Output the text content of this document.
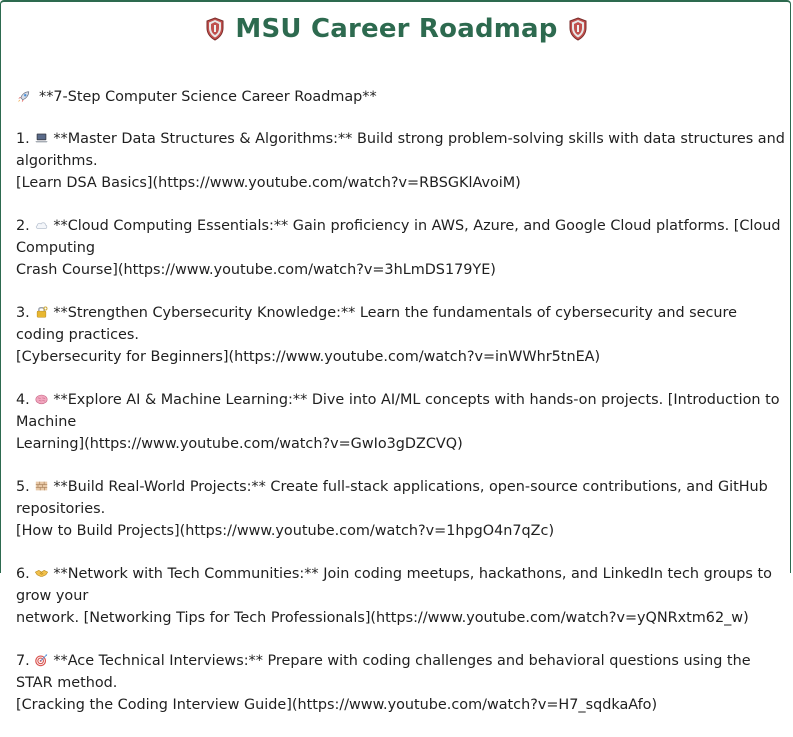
MSU Career Roadmap
**7-Step Computer Science Career Roadmap**
1. **Master Data Structures & Algorithms:** Build strong problem-solving skills with data structures and algorithms.
[Learn DSA Basics](https://www.youtube.com/watch?v=RBSGKlAvoiM)
2. **Cloud Computing Essentials:** Gain proficiency in AWS, Azure, and Google Cloud platforms. [Cloud Computing
Crash Course](https://www.youtube.com/watch?v=3hLmDS179YE)
3. **Strengthen Cybersecurity Knowledge:** Learn the fundamentals of cybersecurity and secure coding practices.
[Cybersecurity for Beginners](https://www.youtube.com/watch?v=inWWhr5tnEA)
4. **Explore AI & Machine Learning:** Dive into AI/ML concepts with hands-on projects. [Introduction to Machine
Learning](https://www.youtube.com/watch?v=GwIo3gDZCVQ)
5. **Build Real-World Projects:** Create full-stack applications, open-source contributions, and GitHub repositories.
[How to Build Projects](https://www.youtube.com/watch?v=1hpgO4n7qZc)
6. **Network with Tech Communities:** Join coding meetups, hackathons, and LinkedIn tech groups to grow your
network. [Networking Tips for Tech Professionals](https://www.youtube.com/watch?v=yQNRxtm62_w)
7. **Ace Technical Interviews:** Prepare with coding challenges and behavioral questions using the STAR method.
[Cracking the Coding Interview Guide](https://www.youtube.com/watch?v=H7_sqdkaAfo)
